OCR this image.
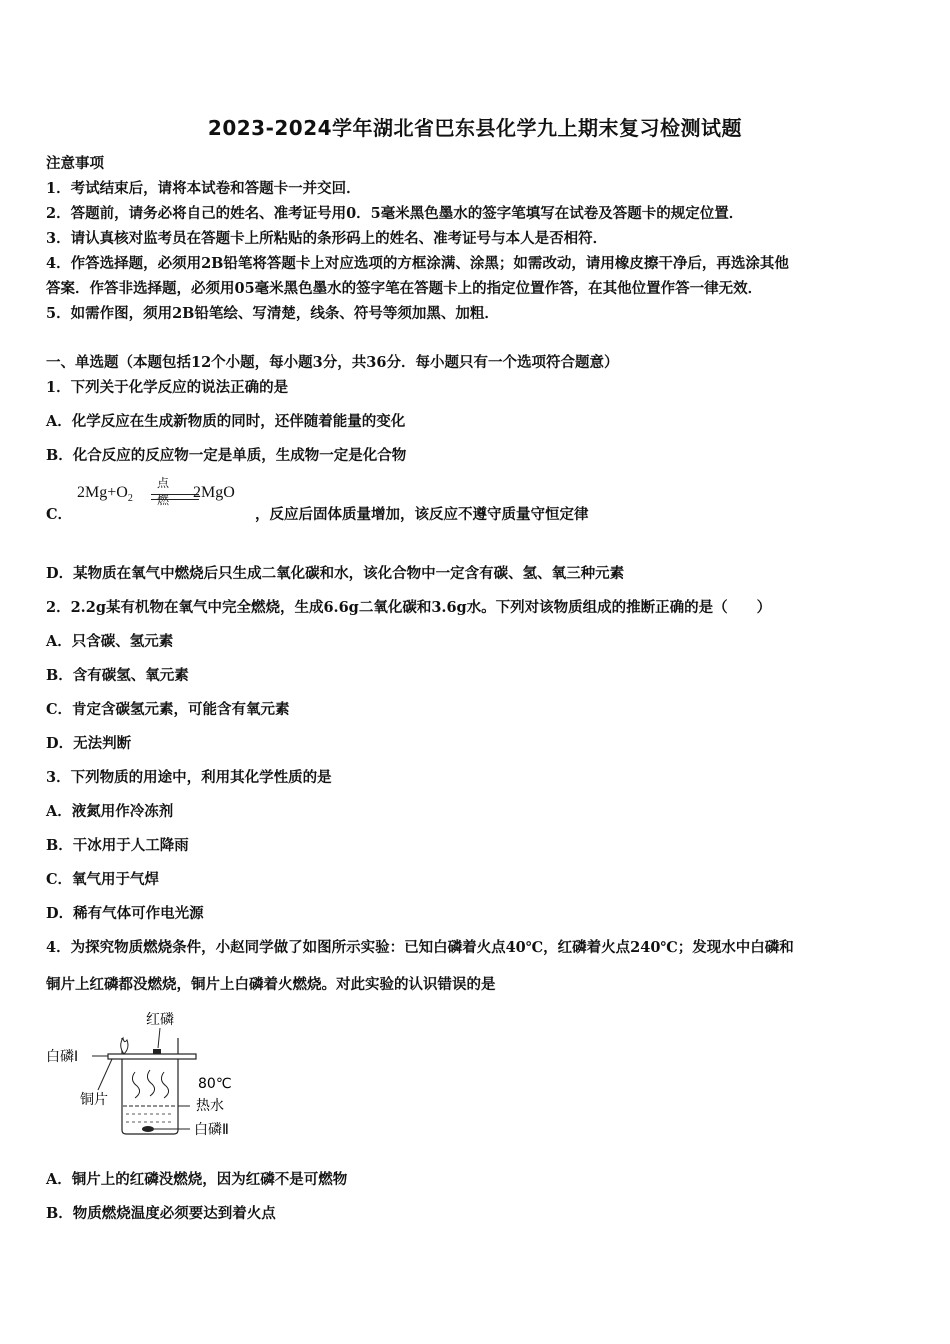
2023-2024学年湖北省巴东县化学九上期末复习检测试题
注意事项
1．考试结束后，请将本试卷和答题卡一并交回．
2．答题前，请务必将自己的姓名、准考证号用0．5毫米黑色墨水的签字笔填写在试卷及答题卡的规定位置．
3．请认真核对监考员在答题卡上所粘贴的条形码上的姓名、准考证号与本人是否相符．
4．作答选择题，必须用2B铅笔将答题卡上对应选项的方框涂满、涂黑；如需改动，请用橡皮擦干净后，再选涂其他
答案．作答非选择题，必须用05毫米黑色墨水的签字笔在答题卡上的指定位置作答，在其他位置作答一律无效．
5．如需作图，须用2B铅笔绘、写清楚，线条、符号等须加黑、加粗．
一、单选题（本题包括12个小题，每小题3分，共36分．每小题只有一个选项符合题意）
1．下列关于化学反应的说法正确的是
A．化学反应在生成新物质的同时，还伴随着能量的变化
B．化合反应的反应物一定是单质，生成物一定是化合物
C．
$2Mg+O_2$
点燃 2MgO
，反应后固体质量增加，该反应不遵守质量守恒定律
D．某物质在氧气中燃烧后只生成二氧化碳和水，该化合物中一定含有碳、氢、氧三种元素
2．2.2g某有机物在氧气中完全燃烧，生成6.6g二氧化碳和3.6g水。下列对该物质组成的推断正确的是（　　）
A．只含碳、氢元素
B．含有碳氢、氧元素
C．肯定含碳氢元素，可能含有氧元素
D．无法判断
3．下列物质的用途中，利用其化学性质的是
A．液氮用作冷冻剂
B．干冰用于人工降雨
C．氧气用于气焊
D．稀有气体可作电光源
4．为探究物质燃烧条件，小赵同学做了如图所示实验：已知白磷着火点40℃，红磷着火点240℃；发现水中白磷和
铜片上红磷都没燃烧，铜片上白磷着火燃烧。对此实验的认识错误的是
红磷
白磷Ⅰ
铜片
80℃
热水
白磷Ⅱ
A．铜片上的红磷没燃烧，因为红磷不是可燃物
B．物质燃烧温度必须要达到着火点
